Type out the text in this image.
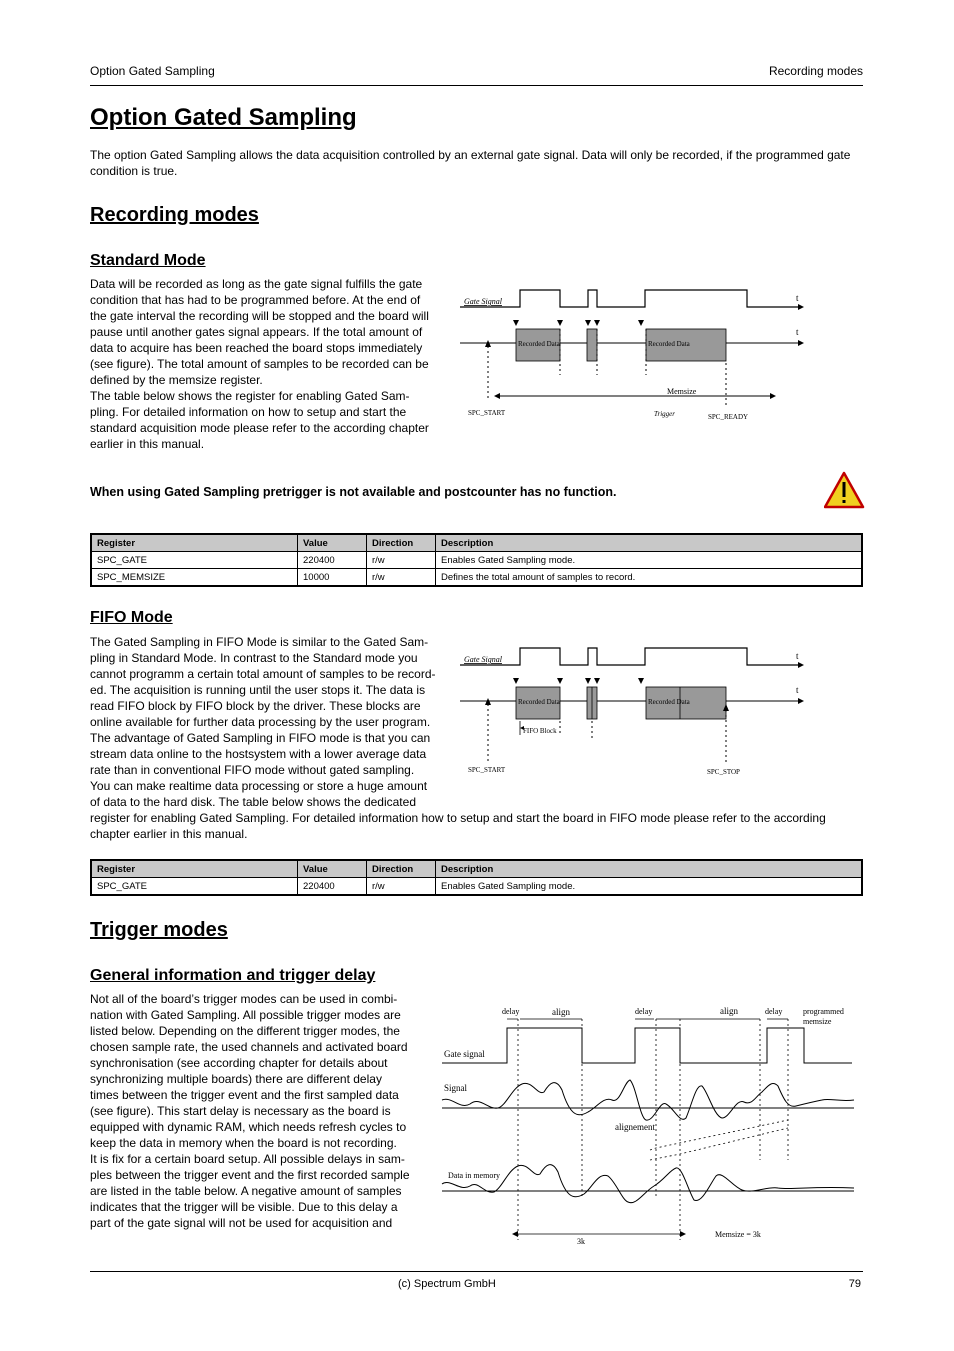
Option Gated Sampling	Recording modes
Option Gated Sampling

The option Gated Sampling allows the data acquisition controlled by an external gate signal. Data will only be recorded, if the programmed gate condition is true.

Recording modes
Standard Mode
Data will be recorded as long as the gate signal fulfills the gate
condition that has had to be programmed before. At the end of
the gate interval the recording will be stopped and the board will
pause until another gates signal appears. If the total amount of
data to acquire has been reached the board stops immediately
(see figure). The total amount of samples to be recorded can be
defined by the memsize register.
The table below shows the register for enabling Gated Sam-
pling. For detailed information on how to setup and start the
standard acquisition mode please refer to the according chapter
earlier in this manual.
Gate Signal	t
t
Recorded Data	Recorded Data
Memsize
SPC_START	Trigger	SPC_READY
When using Gated Sampling pretrigger is not available and postcounter has no function.
Register	Value	Direction	Description
SPC_GATE	220400	r/w	Enables Gated Sampling mode.
SPC_MEMSIZE	10000	r/w	Defines the total amount of samples to record.
FIFO Mode
The Gated Sampling in FIFO Mode is similar to the Gated Sam-
pling in Standard Mode. In contrast to the Standard mode you
cannot programm a certain total amount of samples to be record-
ed. The acquisition is running until the user stops it. The data is
read FIFO block by FIFO block by the driver. These blocks are
online available for further data processing by the user program.
The advantage of Gated Sampling in FIFO mode is that you can
stream data online to the hostsystem with a lower average data
rate than in conventional FIFO mode without gated sampling.
You can make realtime data processing or store a huge amount
of data to the hard disk. The table below shows the dedicated
register for enabling Gated Sampling. For detailed information how to setup and start the board in FIFO mode please refer to the according
chapter earlier in this manual.
Gate Signal	t
t
Recorded Data	Recorded Data
FIFO Block
SPC_START	SPC_STOP
Register	Value	Direction	Description
SPC_GATE	220400	r/w	Enables Gated Sampling mode.
Trigger modes
General information and trigger delay
Not all of the board’s trigger modes can be used in combi-
nation with Gated Sampling. All possible trigger modes are
listed below. Depending on the different trigger modes, the
chosen sample rate, the used channels and activated board
synchronisation (see according chapter for details about
synchronizing multiple boards) there are different delay
times between the trigger event and the first sampled data
(see figure). This start delay is necessary as the board is
equipped with dynamic RAM, which needs refresh cycles to
keep the data in memory when the board is not recording.
It is fix for a certain board setup. All possible delays in sam-
ples between the trigger event and the first recorded sample
are listed in the table below. A negative amount of samples
indicates that the trigger will be visible. Due to this delay a
part of the gate signal will not be used for acquisition and
delay	align	delay	align	delay
alignement
programmed
memsize
Gate signal
Signal
Data in memory
3k
Memsize = 3k
(c) Spectrum GmbH	79
